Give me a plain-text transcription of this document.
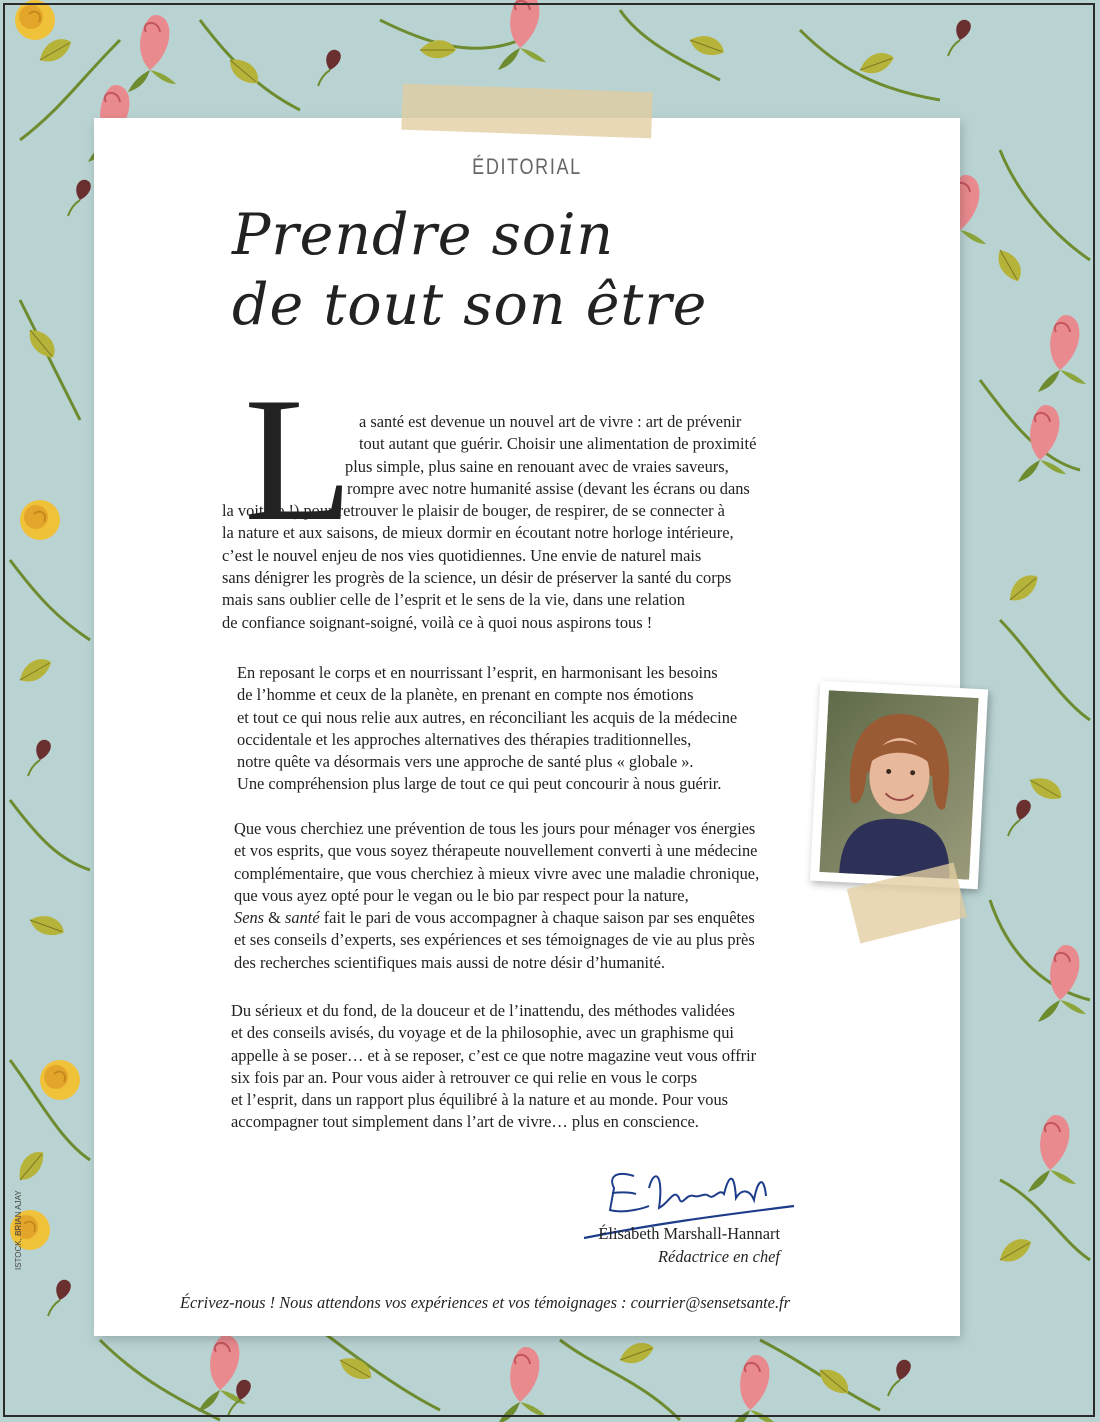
ÉDITORIAL
Prendre soin
de tout son être
L a santé est devenue un nouvel art de vivre : art de prévenir
tout autant que guérir. Choisir une alimentation de proximité
plus simple, plus saine en renouant avec de vraies saveurs,
rompre avec notre humanité assise (devant les écrans ou dans
la voiture !) pour retrouver le plaisir de bouger, de respirer, de se connecter à
la nature et aux saisons, de mieux dormir en écoutant notre horloge intérieure,
c’est le nouvel enjeu de nos vies quotidiennes. Une envie de naturel mais
sans dénigrer les progrès de la science, un désir de préserver la santé du corps
mais sans oublier celle de l’esprit et le sens de la vie, dans une relation
de confiance soignant-soigné, voilà ce à quoi nous aspirons tous !
En reposant le corps et en nourrissant l’esprit, en harmonisant les besoins
de l’homme et ceux de la planète, en prenant en compte nos émotions
et tout ce qui nous relie aux autres, en réconciliant les acquis de la médecine
occidentale et les approches alternatives des thérapies traditionnelles,
notre quête va désormais vers une approche de santé plus « globale ».
Une compréhension plus large de tout ce qui peut concourir à nous guérir.
Que vous cherchiez une prévention de tous les jours pour ménager vos énergies
et vos esprits, que vous soyez thérapeute nouvellement converti à une médecine
complémentaire, que vous cherchiez à mieux vivre avec une maladie chronique,
que vous ayez opté pour le vegan ou le bio par respect pour la nature,
Sens & santé fait le pari de vous accompagner à chaque saison par ses enquêtes
et ses conseils d’experts, ses expériences et ses témoignages de vie au plus près
des recherches scientifiques mais aussi de notre désir d’humanité.
Du sérieux et du fond, de la douceur et de l’inattendu, des méthodes validées
et des conseils avisés, du voyage et de la philosophie, avec un graphisme qui
appelle à se poser… et à se reposer, c’est ce que notre magazine veut vous offrir
six fois par an. Pour vous aider à retrouver ce qui relie en vous le corps
et l’esprit, dans un rapport plus équilibré à la nature et au monde. Pour vous
accompagner tout simplement dans l’art de vivre… plus en conscience.
Élisabeth Marshall-Hannart
Rédactrice en chef
Écrivez-nous ! Nous attendons vos expériences et vos témoignages : courrier@sensetsante.fr
ISTOCK, BRIAN AJAY
